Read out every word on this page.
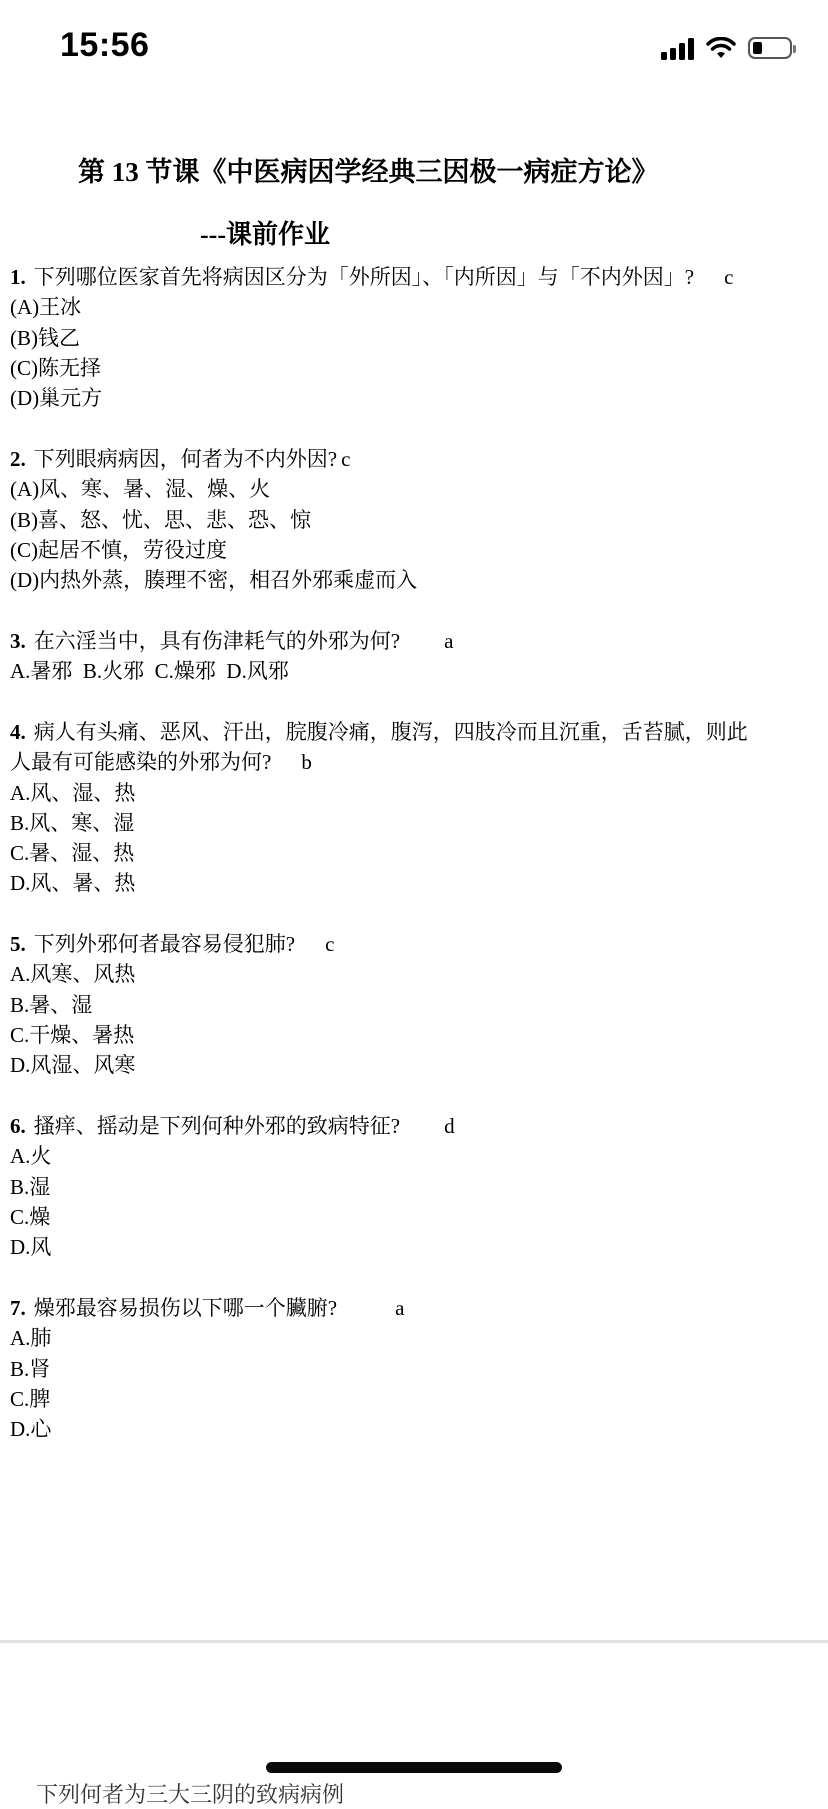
15:56
第 13 节课《中医病因学经典三因极一病症方论》
---课前作业
1. 下列哪位医家首先将病因区分为「外所因」、「内所因」与「不内外因」? c
(A)王冰
(B)钱乙
(C)陈无择
(D)巢元方
2. 下列眼病病因，何者为不内外因? c
(A)风、寒、暑、湿、燥、火
(B)喜、怒、忧、思、悲、恐、惊
(C)起居不慎，劳役过度
(D)内热外蒸，腠理不密，相召外邪乘虚而入
3. 在六淫当中，具有伤津耗气的外邪为何? a
A.暑邪  B.火邪  C.燥邪  D.风邪
4. 病人有头痛、恶风、汗出，脘腹冷痛，腹泻，四肢冷而且沉重，舌苔腻，则此
人最有可能感染的外邪为何? b
A.风、湿、热
B.风、寒、湿
C.暑、湿、热
D.风、暑、热
5. 下列外邪何者最容易侵犯肺? c
A.风寒、风热
B.暑、湿
C.干燥、暑热
D.风湿、风寒
6. 搔痒、摇动是下列何种外邪的致病特征? d
A.火
B.湿
C.燥
D.风
7. 燥邪最容易损伤以下哪一个臟腑?	a
A.肺
B.肾
C.脾
D.心
下列何者为三大三阴的致病病例
